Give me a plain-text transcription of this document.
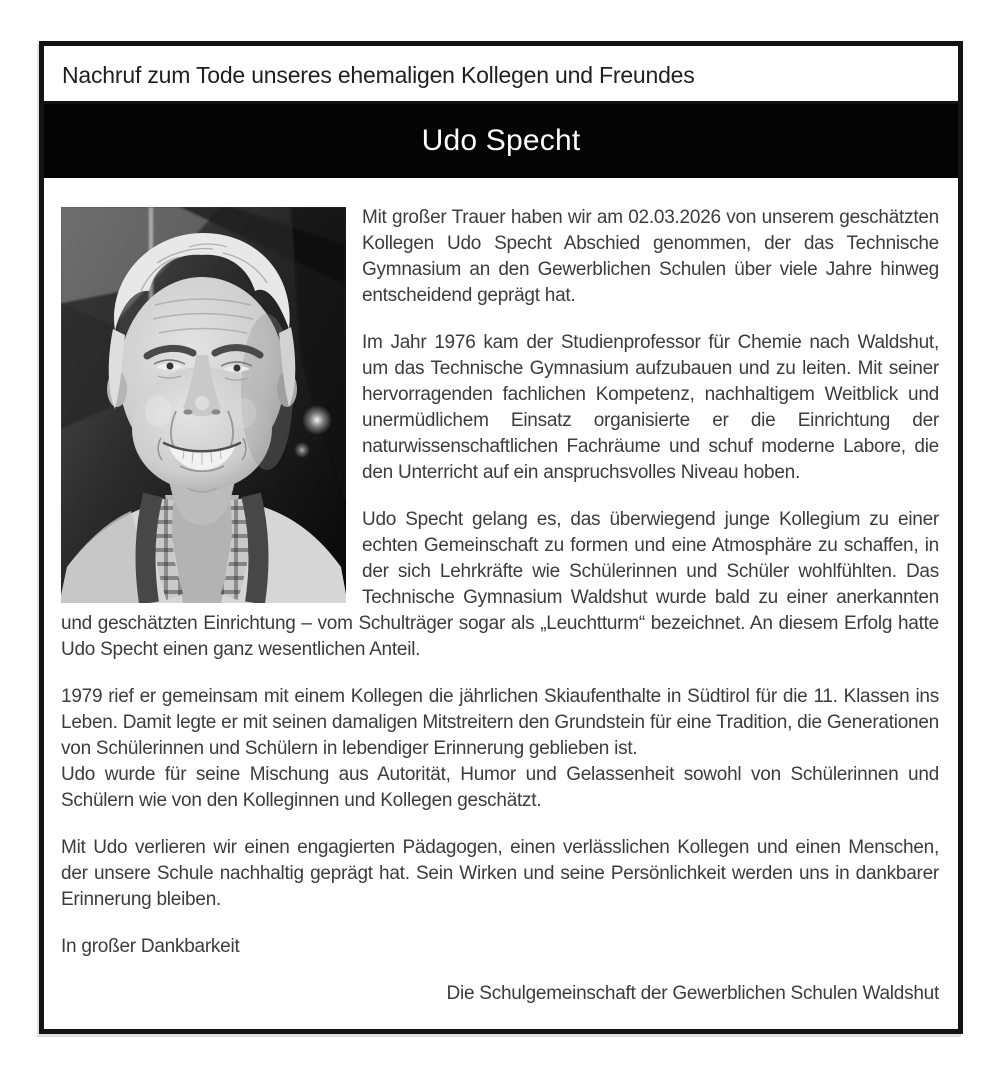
Nachruf zum Tode unseres ehemaligen Kollegen und Freundes
Udo Specht

Mit großer Trauer haben wir am 02.03.2026 von unserem geschätzten Kollegen Udo Specht Abschied genommen, der das Technische Gymnasium an den Gewerblichen Schulen über viele Jahre hinweg entscheidend geprägt hat.

Im Jahr 1976 kam der Studienprofessor für Chemie nach Waldshut, um das Technische Gymnasium aufzubauen und zu leiten. Mit seiner hervorragenden fachlichen Kompetenz, nachhaltigem Weitblick und unermüdlichem Einsatz organisierte er die Einrichtung der naturwissenschaftlichen Fachräume und schuf moderne Labore, die den Unterricht auf ein anspruchsvolles Niveau hoben.

Udo Specht gelang es, das überwiegend junge Kollegium zu einer echten Gemeinschaft zu formen und eine Atmosphäre zu schaffen, in der sich Lehrkräfte wie Schülerinnen und Schüler wohlfühlten. Das Technische Gymnasium Waldshut wurde bald zu einer anerkannten und geschätzten Einrichtung – vom Schulträger sogar als „Leuchtturm“ bezeichnet. An diesem Erfolg hatte Udo Specht einen ganz wesentlichen Anteil.

1979 rief er gemeinsam mit einem Kollegen die jährlichen Skiaufenthalte in Südtirol für die 11. Klassen ins Leben. Damit legte er mit seinen damaligen Mitstreitern den Grundstein für eine Tradition, die Generationen von Schülerinnen und Schülern in lebendiger Erinnerung geblieben ist.

Udo wurde für seine Mischung aus Autorität, Humor und Gelassenheit sowohl von Schülerinnen und Schülern wie von den Kolleginnen und Kollegen geschätzt.

Mit Udo verlieren wir einen engagierten Pädagogen, einen verlässlichen Kollegen und einen Menschen, der unsere Schule nachhaltig geprägt hat. Sein Wirken und seine Persönlichkeit werden uns in dankbarer Erinnerung bleiben.

In großer Dankbarkeit

Die Schulgemeinschaft der Gewerblichen Schulen Waldshut
